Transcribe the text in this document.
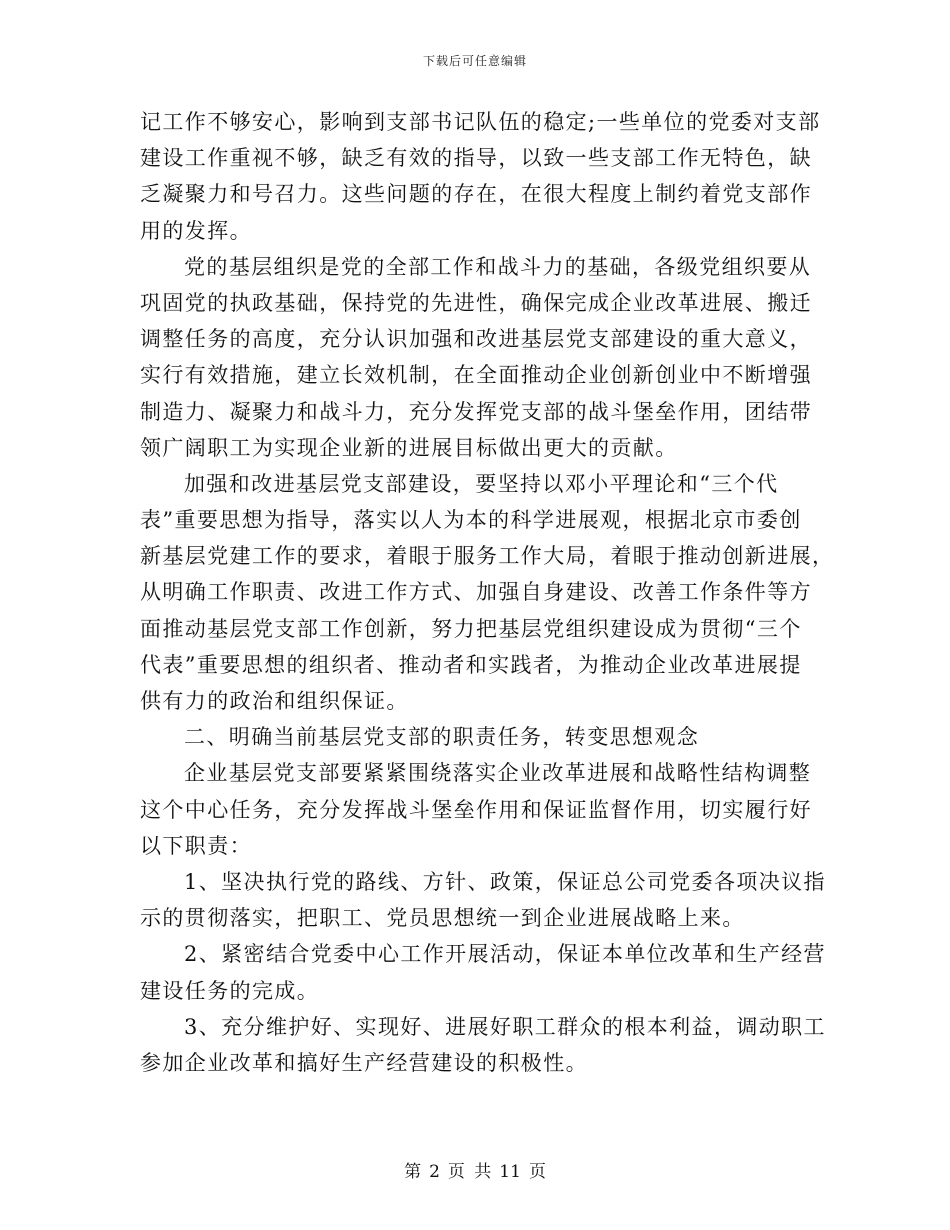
下载后可任意编辑
记工作不够安心，影响到支部书记队伍的稳定;一些单位的党委对支部
建设工作重视不够，缺乏有效的指导，以致一些支部工作无特色，缺
乏凝聚力和号召力。这些问题的存在，在很大程度上制约着党支部作
用的发挥。
党的基层组织是党的全部工作和战斗力的基础，各级党组织要从
巩固党的执政基础，保持党的先进性，确保完成企业改革进展、搬迁
调整任务的高度，充分认识加强和改进基层党支部建设的重大意义，
实行有效措施，建立长效机制，在全面推动企业创新创业中不断增强
制造力、凝聚力和战斗力，充分发挥党支部的战斗堡垒作用，团结带
领广阔职工为实现企业新的进展目标做出更大的贡献。
加强和改进基层党支部建设，要坚持以邓小平理论和“三个代
表”重要思想为指导，落实以人为本的科学进展观，根据北京市委创
新基层党建工作的要求，着眼于服务工作大局，着眼于推动创新进展，
从明确工作职责、改进工作方式、加强自身建设、改善工作条件等方
面推动基层党支部工作创新，努力把基层党组织建设成为贯彻“三个
代表”重要思想的组织者、推动者和实践者，为推动企业改革进展提
供有力的政治和组织保证。
二、明确当前基层党支部的职责任务，转变思想观念
企业基层党支部要紧紧围绕落实企业改革进展和战略性结构调整
这个中心任务，充分发挥战斗堡垒作用和保证监督作用，切实履行好
以下职责：
1、坚决执行党的路线、方针、政策，保证总公司党委各项决议指
示的贯彻落实，把职工、党员思想统一到企业进展战略上来。
2、紧密结合党委中心工作开展活动，保证本单位改革和生产经营
建设任务的完成。
3、充分维护好、实现好、进展好职工群众的根本利益，调动职工
参加企业改革和搞好生产经营建设的积极性。
第 2 页 共 11 页
